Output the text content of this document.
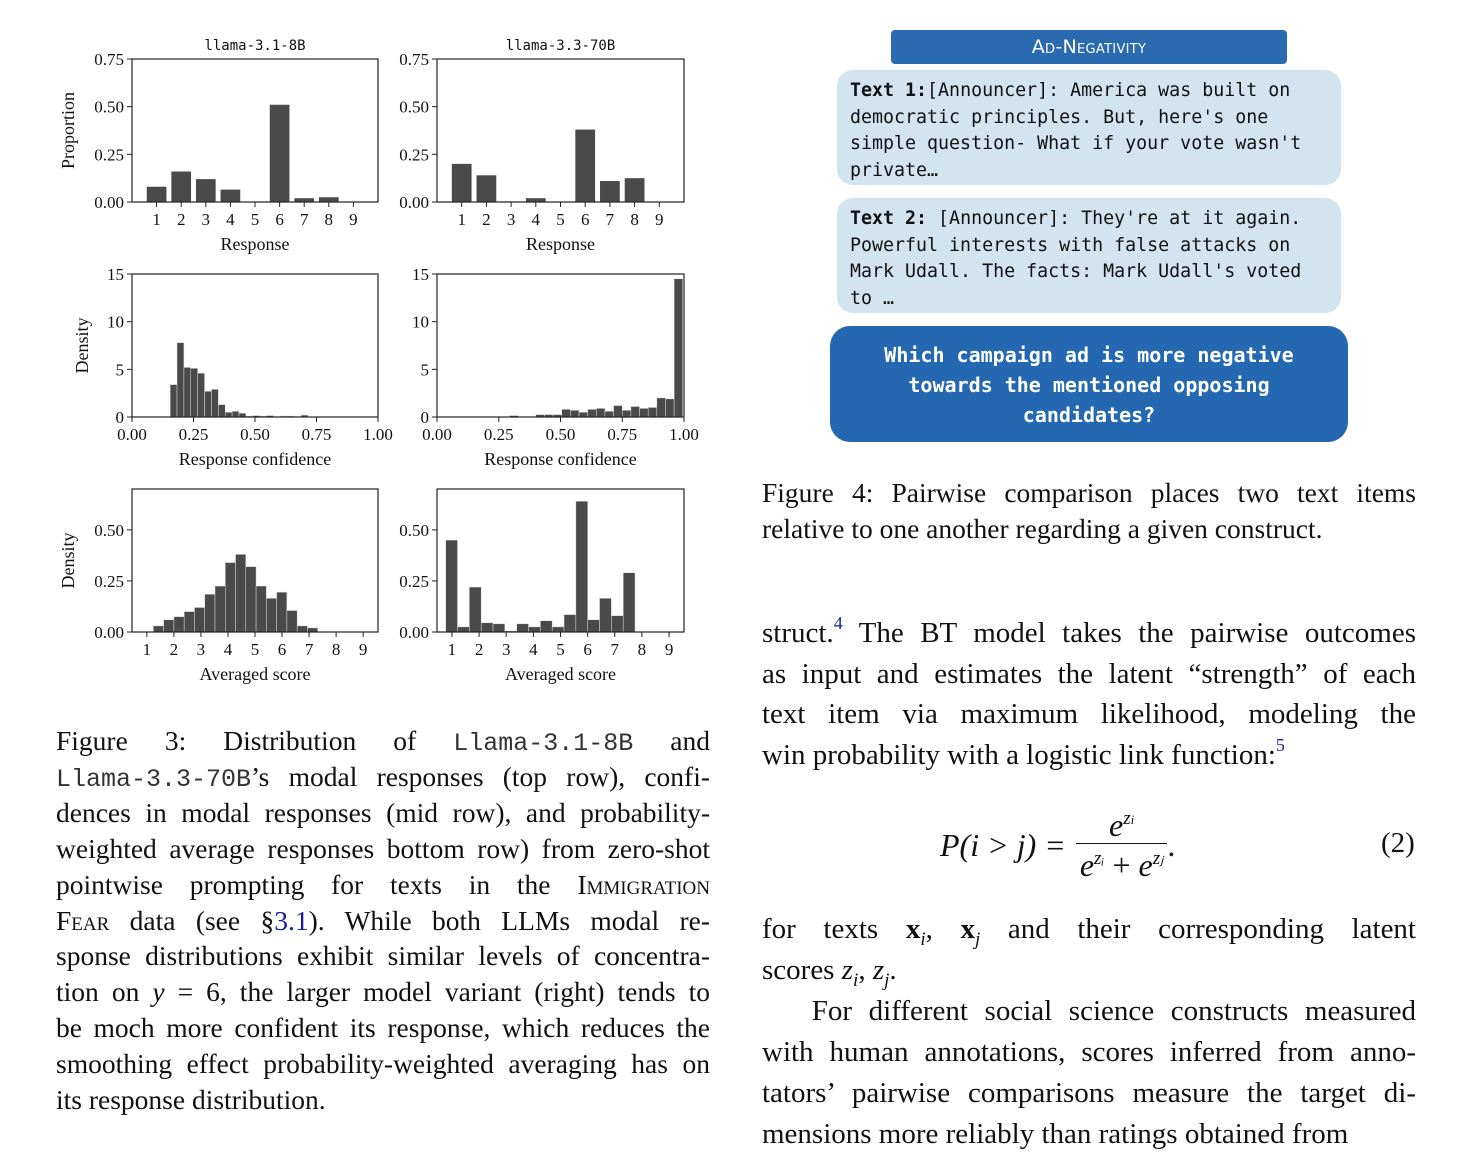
1 2 3 4 5 6 7 8 9
0.00
0.25
0.50
0.75
Response
Proportion
llama-3.1-8B
1 2 3 4 5 6 7 8 9
0.00
0.25
0.50
0.75
Response
llama-3.3-70B
0.00 0.25 0.50 0.75 1.00
0
5
10
15
Response confidence
Density
0.00 0.25 0.50 0.75 1.00
0
5
10
15
Response confidence
1 2 3 4 5 6 7 8 9
0.00
0.25
0.50
Averaged score
Density
1 2 3 4 5 6 7 8 9
0.00
0.25
0.50
Averaged score
Figure 3: Distribution of Llama-3.1-8B and
Llama-3.3-70B’s modal responses (top row), confi-
dences in modal responses (mid row), and probability-
weighted average responses bottom row) from zero-shot
pointwise prompting for texts in the Immigration
Fear data (see §3.1). While both LLMs modal re-
sponse distributions exhibit similar levels of concentra-
tion on y = 6, the larger model variant (right) tends to
be moch more confident its response, which reduces the
smoothing effect probability-weighted averaging has on
its response distribution.
Ad-Negativity
Text 1:[Announcer]: America was built on democratic principles. But, here's one simple question- What if your vote wasn't private…
Text 2: [Announcer]: They're at it again. Powerful interests with false attacks on Mark Udall. The facts: Mark Udall's voted to …
Which campaign ad is more negative towards the mentioned opposing candidates?
Figure 4: Pairwise comparison places two text items
relative to one another regarding a given construct.
struct.$^4$ The BT model takes the pairwise outcomes
as input and estimates the latent “strength” of each
text item via maximum likelihood, modeling the
win probability with a logistic link function:$^5$
$P(i > j) = \frac{e^{zi}}{e^{zᵢ} + e^{zⱼ}}$ .	(2)
for texts $x_i$, $x_j$ and their corresponding latent
scores $z_i$, $z_j$.
For different social science constructs measured
with human annotations, scores inferred from anno-
tators’ pairwise comparisons measure the target di-
mensions more reliably than ratings obtained from
